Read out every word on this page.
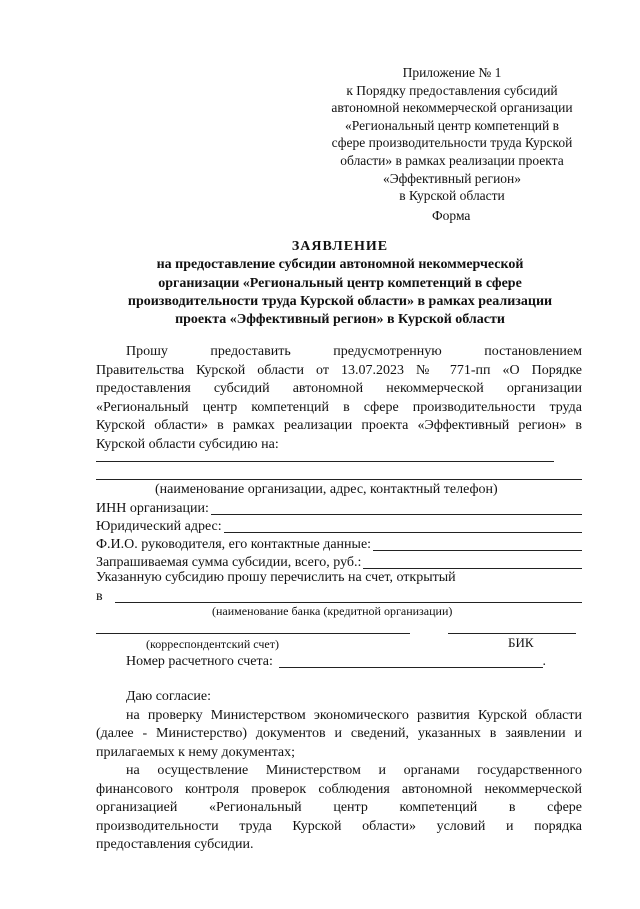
Приложение № 1
к Порядку предоставления субсидий
автономной некоммерческой организации
«Региональный центр компетенций в
сфере производительности труда Курской
области» в рамках реализации проекта
«Эффективный регион»
в Курской области
Форма
ЗАЯВЛЕНИЕ
на предоставление субсидии автономной некоммерческой
организации «Региональный центр компетенций в сфере
производительности труда Курской области» в рамках реализации
проекта «Эффективный регион» в Курской области
Прошу предоставить предусмотренную постановлением
Правительства Курской области от 13.07.2023 № 771-пп «О Порядке
предоставления субсидий автономной некоммерческой организации
«Региональный центр компетенций в сфере производительности труда
Курской области» в рамках реализации проекта «Эффективный регион» в
Курской области субсидию на:
(наименование организации, адрес, контактный телефон)
ИНН организации:
Юридический адрес:
Ф.И.О. руководителя, его контактные данные:
Запрашиваемая сумма субсидии, всего, руб.:
Указанную субсидию прошу перечислить на счет, открытый
в
(наименование банка (кредитной организации)
(корреспондентский счет)	БИК
Номер расчетного счета:	.
Даю согласие:
на проверку Министерством экономического развития Курской области (далее - Министерство) документов и сведений, указанных в заявлении и прилагаемых к нему документах;
на осуществление Министерством и органами государственного
финансового контроля проверок соблюдения автономной некоммерческой
организацией «Региональный центр компетенций в сфере
производительности труда Курской области» условий и порядка
предоставления субсидии.
